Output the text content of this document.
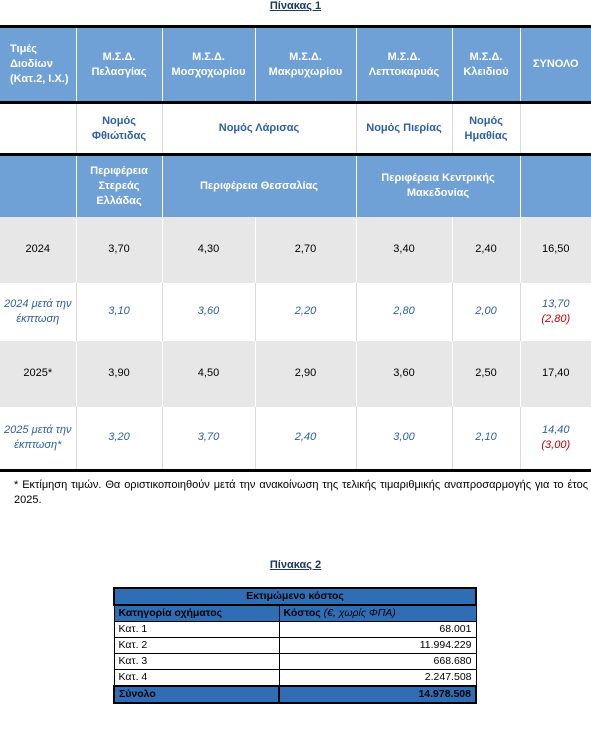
Πίνακας 1
Τιμές Διοδίων (Κατ.2, Ι.Χ.)	Μ.Σ.Δ. Πελασγίας	Μ.Σ.Δ. Μοσχοχωρίου	Μ.Σ.Δ. Μακρυχωρίου	Μ.Σ.Δ. Λεπτοκαρυάς	Μ.Σ.Δ. Κλειδιού	ΣΥΝΟΛΟ
	Νομός Φθιώτιδας	Νομός Λάρισας		Νομός Πιερίας	Νομός Ημαθίας	
	Περιφέρεια Στερεάς Ελλάδας	Περιφέρεια Θεσσαλίας		Περιφέρεια Κεντρικής Μακεδονίας		
2024	3,70	4,30	2,70	3,40	2,40	16,50
2024 μετά την έκπτωση	3,10	3,60	2,20	2,80	2,00	13,70
(2,80)

2025*	3,90	4,50	2,90	3,60	2,50	17,40
2025 μετά την έκπτωση*	3,20	3,70	2,40	3,00	2,10	14,40
(3,00)
* Εκτίμηση τιμών. Θα οριστικοποιηθούν μετά την ανακοίνωση της τελικής τιμαριθμικής αναπροσαρμογής για το έτος 2025.
Πίνακας 2
Εκτιμώμενο κόστος	
Κατηγορία οχήματος	Κόστος (€, χωρίς ΦΠΑ)
Κατ. 1	68.001
Κατ. 2	11.994.229
Κατ. 3	668.680
Κατ. 4	2.247.508
Σύνολο	14.978.508
